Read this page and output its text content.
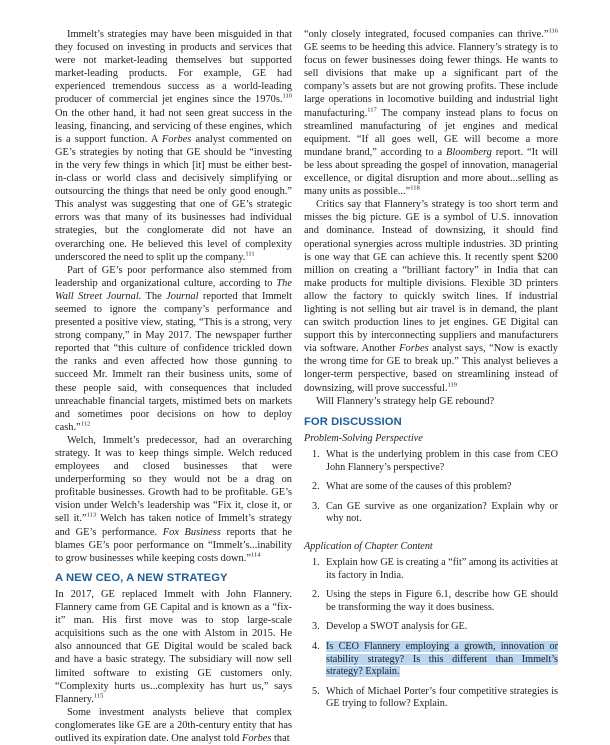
Immelt’s strategies may have been misguided in that they focused on investing in products and services that were not market-leading themselves but supported market-leading products. For example, GE had experienced tremendous success as a world-leading producer of commercial jet engines since the 1970s.$^{110}$ On the other hand, it had not seen great success in the leasing, financing, and servicing of these engines, which is a support function. A Forbes analyst commented on GE’s strategies by noting that GE should be “investing in the very few things in which [it] must be either best-in-class or world class and decisively simplifying or outsourcing the things that need be only good enough.” This analyst was suggesting that one of GE’s strategic errors was that many of its businesses had individual strategies, but the conglomerate did not have an overarching one. He believed this level of complexity underscored the need to split up the company.$^{111}$

Part of GE’s poor performance also stemmed from leadership and organizational culture, according to The Wall Street Journal. The Journal reported that Immelt seemed to ignore the company’s performance and presented a positive view, stating, “This is a strong, very strong company,” in May 2017. The newspaper further reported that “this culture of confidence trickled down the ranks and even affected how those gunning to succeed Mr. Immelt ran their business units, some of these people said, with consequences that included unreachable financial targets, mistimed bets on markets and sometimes poor decisions on how to deploy cash.”$^{112}$

Welch, Immelt’s predecessor, had an overarching strategy. It was to keep things simple. Welch reduced employees and closed businesses that were underperforming so they would not be a drag on profitable businesses. Growth had to be profitable. GE’s vision under Welch’s leadership was “Fix it, close it, or sell it.”$^{113}$ Welch has taken notice of Immelt’s strategy and GE’s performance. Fox Business reports that he blames GE’s poor performance on “Immelt’s...inability to grow businesses while keeping costs down.”$^{114}$

A NEW CEO, A NEW STRATEGY

In 2017, GE replaced Immelt with John Flannery. Flannery came from GE Capital and is known as a “fix-it” man. His first move was to stop large-scale acquisitions such as the one with Alstom in 2015. He also announced that GE Digital would be scaled back and have a basic strategy. The subsidiary will now sell limited software to existing GE customers only. “Complexity hurts us...complexity has hurt us,” says Flannery.$^{115}$

Some investment analysts believe that complex conglomerates like GE are a 20th-century entity that has outlived its expiration date. One analyst told Forbes that

“only closely integrated, focused companies can thrive.”$^{116}$ GE seems to be heeding this advice. Flannery’s strategy is to focus on fewer businesses doing fewer things. He wants to sell divisions that make up a significant part of the company’s assets but are not growing profits. These include large operations in locomotive building and industrial light manufacturing.$^{117}$ The company instead plans to focus on streamlined manufacturing of jet engines and medical equipment. “If all goes well, GE will become a more mundane brand,” according to a Bloomberg report. “It will be less about spreading the gospel of innovation, managerial excellence, or digital disruption and more about...selling as many units as possible...”$^{118}$

Critics say that Flannery’s strategy is too short term and misses the big picture. GE is a symbol of U.S. innovation and dominance. Instead of downsizing, it should find operational synergies across multiple industries. 3D printing is one way that GE can achieve this. It recently spent $200 million on creating a “brilliant factory” in India that can make products for multiple divisions. Flexible 3D printers allow the factory to quickly switch lines. If industrial lighting is not selling but air travel is in demand, the plant can switch production lines to jet engines. GE Digital can support this by interconnecting suppliers and manufacturers via software. Another Forbes analyst says, “Now is exactly the wrong time for GE to break up.” This analyst believes a longer-term perspective, based on streamlining instead of downsizing, will prove successful.$^{119}$

Will Flannery’s strategy help GE rebound?

FOR DISCUSSION
Problem-Solving Perspective
1. What is the underlying problem in this case from CEO John Flannery’s perspective?
2. What are some of the causes of this problem?
3. Can GE survive as one organization? Explain why or why not.
Application of Chapter Content
1. Explain how GE is creating a “fit” among its activities at its factory in India.
2. Using the steps in Figure 6.1, describe how GE should be transforming the way it does business.
3. Develop a SWOT analysis for GE.
4. Is CEO Flannery employing a growth, innovation or stability strategy? Is this different than Immelt’s strategy? Explain.
5. Which of Michael Porter’s four competitive strategies is GE trying to follow? Explain.
